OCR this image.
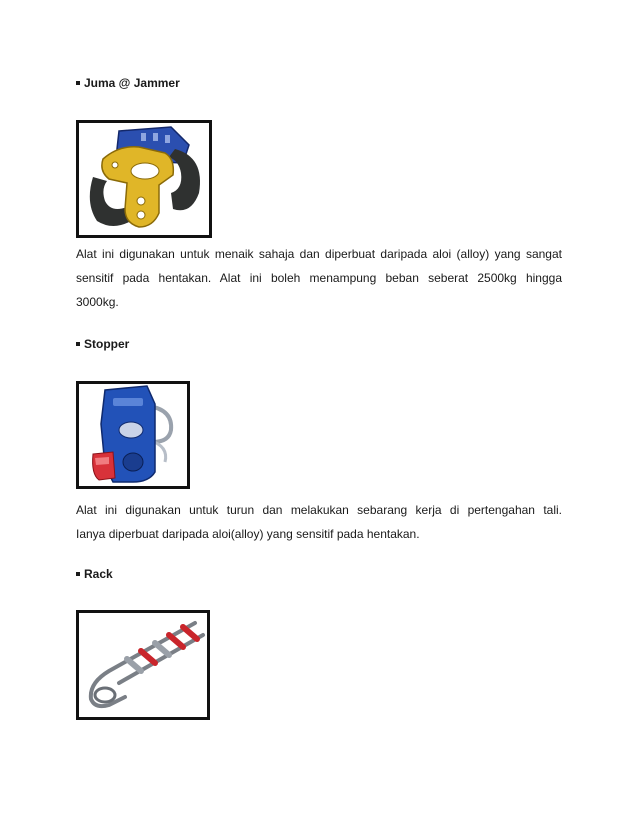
Juma @ Jammer

Alat ini digunakan untuk menaik sahaja dan diperbuat daripada aloi (alloy) yang sangat
sensitif pada hentakan. Alat ini boleh menampung beban seberat 2500kg hingga
3000kg.

Stopper

Alat ini digunakan untuk turun dan melakukan sebarang kerja di pertengahan tali.
Ianya diperbuat daripada aloi(alloy) yang sensitif pada hentakan.

Rack
